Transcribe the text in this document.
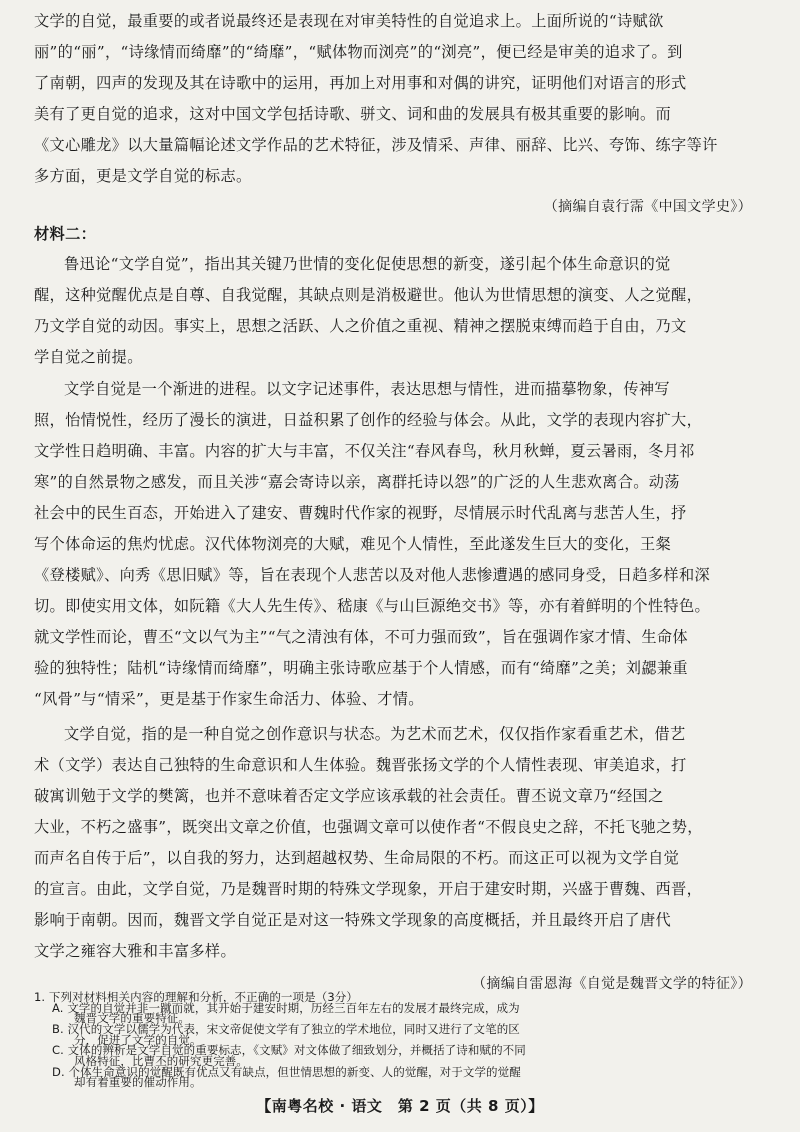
文学的自觉，最重要的或者说最终还是表现在对审美特性的自觉追求上。上面所说的“诗赋欲
丽”的“丽”，“诗缘情而绮靡”的“绮靡”，“赋体物而浏亮”的“浏亮”，便已经是审美的追求了。到
了南朝，四声的发现及其在诗歌中的运用，再加上对用事和对偶的讲究，证明他们对语言的形式
美有了更自觉的追求，这对中国文学包括诗歌、骈文、词和曲的发展具有极其重要的影响。而
《文心雕龙》以大量篇幅论述文学作品的艺术特征，涉及情采、声律、丽辞、比兴、夸饰、练字等许
多方面，更是文学自觉的标志。
（摘编自袁行霈《中国文学史》）
材料二：
鲁迅论“文学自觉”，指出其关键乃世情的变化促使思想的新变，遂引起个体生命意识的觉
醒，这种觉醒优点是自尊、自我觉醒，其缺点则是消极避世。他认为世情思想的演变、人之觉醒，
乃文学自觉的动因。事实上，思想之活跃、人之价值之重视、精神之摆脱束缚而趋于自由，乃文
学自觉之前提。
文学自觉是一个渐进的进程。以文字记述事件，表达思想与情性，进而描摹物象，传神写
照，怡情悦性，经历了漫长的演进，日益积累了创作的经验与体会。从此，文学的表现内容扩大，
文学性日趋明确、丰富。内容的扩大与丰富，不仅关注“春风春鸟，秋月秋蝉，夏云暑雨，冬月祁
寒”的自然景物之感发，而且关涉“嘉会寄诗以亲，离群托诗以怨”的广泛的人生悲欢离合。动荡
社会中的民生百态，开始进入了建安、曹魏时代作家的视野，尽情展示时代乱离与悲苦人生，抒
写个体命运的焦灼忧虑。汉代体物浏亮的大赋，难见个人情性，至此遂发生巨大的变化，王粲
《登楼赋》、向秀《思旧赋》等，旨在表现个人悲苦以及对他人悲惨遭遇的感同身受，日趋多样和深
切。即使实用文体，如阮籍《大人先生传》、嵇康《与山巨源绝交书》等，亦有着鲜明的个性特色。
就文学性而论，曹丕“文以气为主”“气之清浊有体，不可力强而致”，旨在强调作家才情、生命体
验的独特性；陆机“诗缘情而绮靡”，明确主张诗歌应基于个人情感，而有“绮靡”之美；刘勰兼重
“风骨”与“情采”，更是基于作家生命活力、体验、才情。
文学自觉，指的是一种自觉之创作意识与状态。为艺术而艺术，仅仅指作家看重艺术，借艺
术（文学）表达自己独特的生命意识和人生体验。魏晋张扬文学的个人情性表现、审美追求，打
破寓训勉于文学的樊篱，也并不意味着否定文学应该承载的社会责任。曹丕说文章乃“经国之
大业，不朽之盛事”，既突出文章之价值，也强调文章可以使作者“不假良史之辞，不托飞驰之势，
而声名自传于后”，以自我的努力，达到超越权势、生命局限的不朽。而这正可以视为文学自觉
的宣言。由此，文学自觉，乃是魏晋时期的特殊文学现象，开启于建安时期，兴盛于曹魏、西晋，
影响于南朝。因而，魏晋文学自觉正是对这一特殊文学现象的高度概括，并且最终开启了唐代
文学之雍容大雅和丰富多样。
（摘编自雷恩海《自觉是魏晋文学的特征》）
1. 下列对材料相关内容的理解和分析，不正确的一项是（3分）
A. 文学的自觉并非一蹴而就，其开始于建安时期，历经三百年左右的发展才最终完成，成为
魏晋文学的重要特征。
【南粤名校 · 语文　第 2 页（共 8 页）】
B. 汉代的文学以儒学为代表，宋文帝促使文学有了独立的学术地位，同时又进行了文笔的区
分，促进了文学的自觉。
C. 文体的辨析是文学自觉的重要标志，《文赋》对文体做了细致划分，并概括了诗和赋的不同
风格特征，比曹丕的研究更完善。
D. 个体生命意识的觉醒既有优点又有缺点，但世情思想的新变、人的觉醒，对于文学的觉醒
却有着重要的催动作用。
